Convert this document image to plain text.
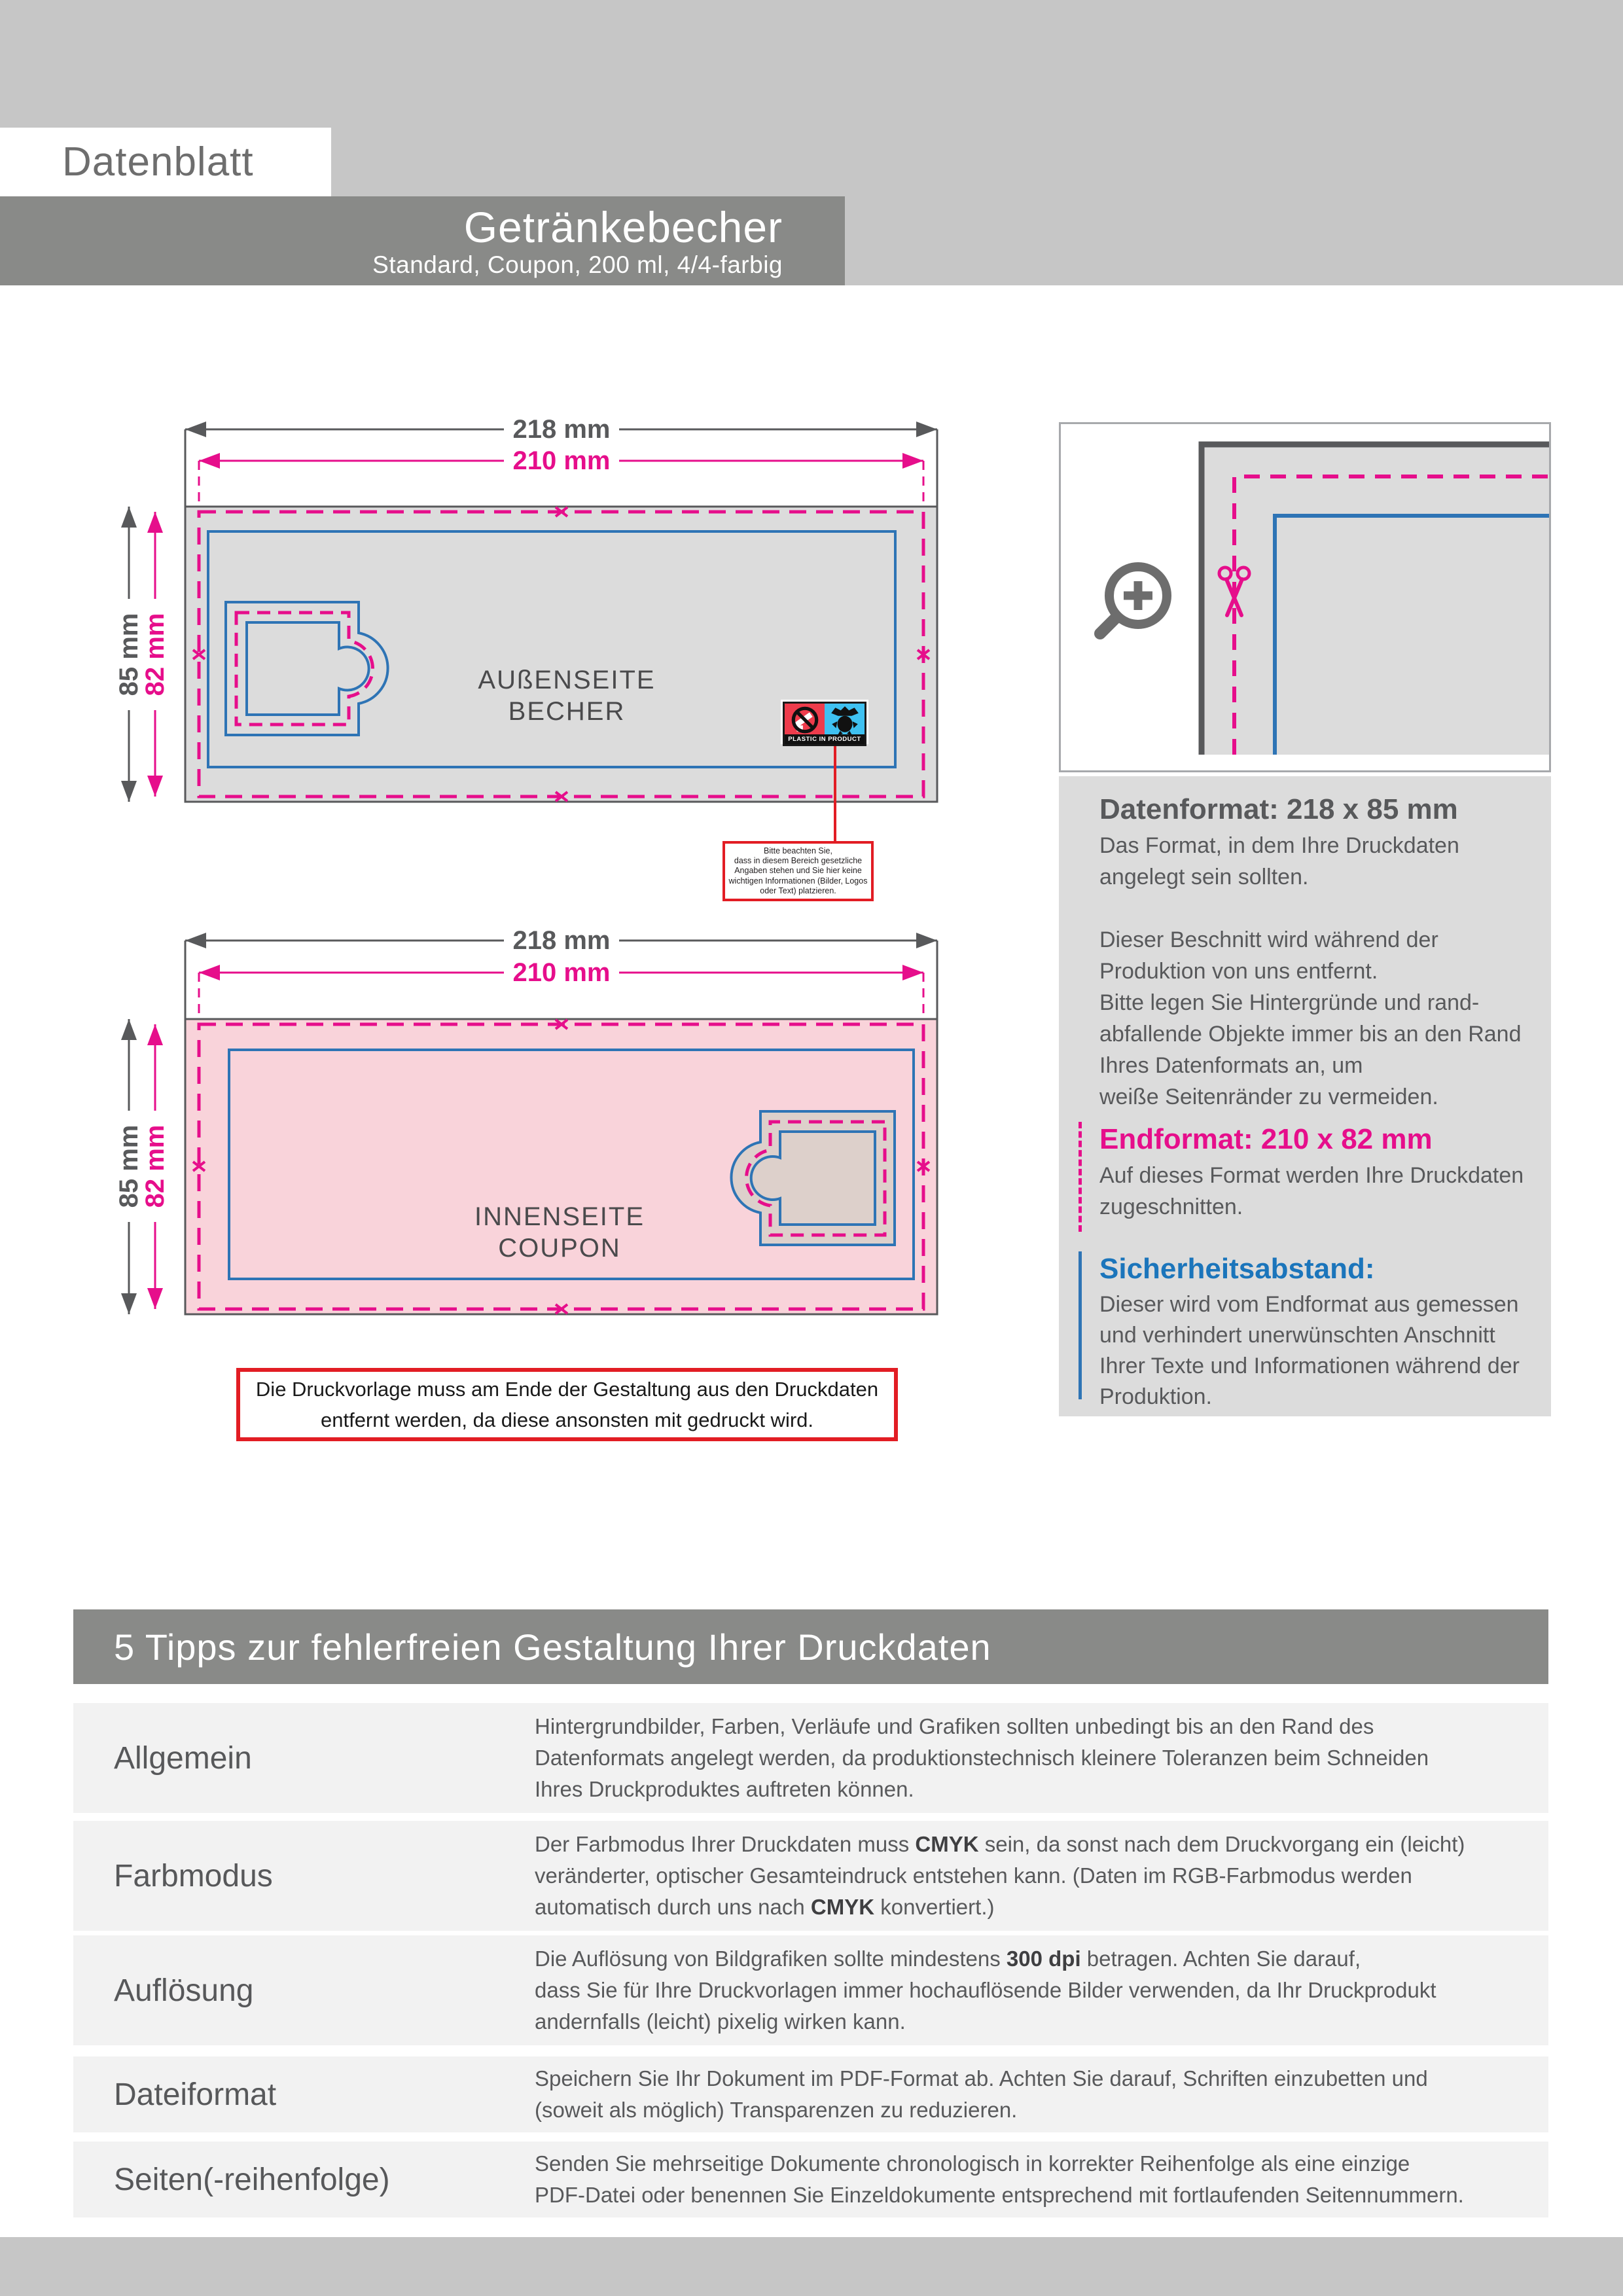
Datenblatt
Getränkebecher
Standard, Coupon, 200 ml, 4/4-farbig
218 mm
210 mm
85 mm
82 mm	AUßENSEITE
BECHER
PLASTIC IN PRODUCT
Bitte beachten Sie,
dass in diesem Bereich gesetzliche
Angaben stehen und Sie hier keine
wichtigen Informationen (Bilder, Logos
oder Text) platzieren.
218 mm
210 mm
85 mm
82 mm
INNENSEITE
COUPON
Die Druckvorlage muss am Ende der Gestaltung aus den Druckdaten
entfernt werden, da diese ansonsten mit gedruckt wird.
Datenformat: 218 x 85 mm
Das Format, in dem Ihre Druckdaten
angelegt sein sollten.
Dieser Beschnitt wird während der
Produktion von uns entfernt.
Bitte legen Sie Hintergründe und rand-
abfallende Objekte immer bis an den Rand
Ihres Datenformats an, um
weiße Seitenränder zu vermeiden.
Endformat: 210 x 82 mm
Auf dieses Format werden Ihre Druckdaten
zugeschnitten.
Sicherheitsabstand:
Dieser wird vom Endformat aus gemessen
und verhindert unerwünschten Anschnitt
Ihrer Texte und Informationen während der
Produktion.
5 Tipps zur fehlerfreien Gestaltung Ihrer Druckdaten
Allgemein
Hintergrundbilder, Farben, Verläufe und Grafiken sollten unbedingt bis an den Rand des
Datenformats angelegt werden, da produktionstechnisch kleinere Toleranzen beim Schneiden
Ihres Druckproduktes auftreten können.
Farbmodus
Der Farbmodus Ihrer Druckdaten muss CMYK sein, da sonst nach dem Druckvorgang ein (leicht)
veränderter, optischer Gesamteindruck entstehen kann. (Daten im RGB-Farbmodus werden
automatisch durch uns nach CMYK konvertiert.)
Auflösung
Die Auflösung von Bildgrafiken sollte mindestens 300 dpi betragen. Achten Sie darauf,
dass Sie für Ihre Druckvorlagen immer hochauflösende Bilder verwenden, da Ihr Druckprodukt
andernfalls (leicht) pixelig wirken kann.
Dateiformat	Speichern Sie Ihr Dokument im PDF-Format ab. Achten Sie darauf, Schriften einzubetten und
(soweit als möglich) Transparenzen zu reduzieren.
Seiten(-reihenfolge)	Senden Sie mehrseitige Dokumente chronologisch in korrekter Reihenfolge als eine einzige
PDF-Datei oder benennen Sie Einzeldokumente entsprechend mit fortlaufenden Seitennummern.
